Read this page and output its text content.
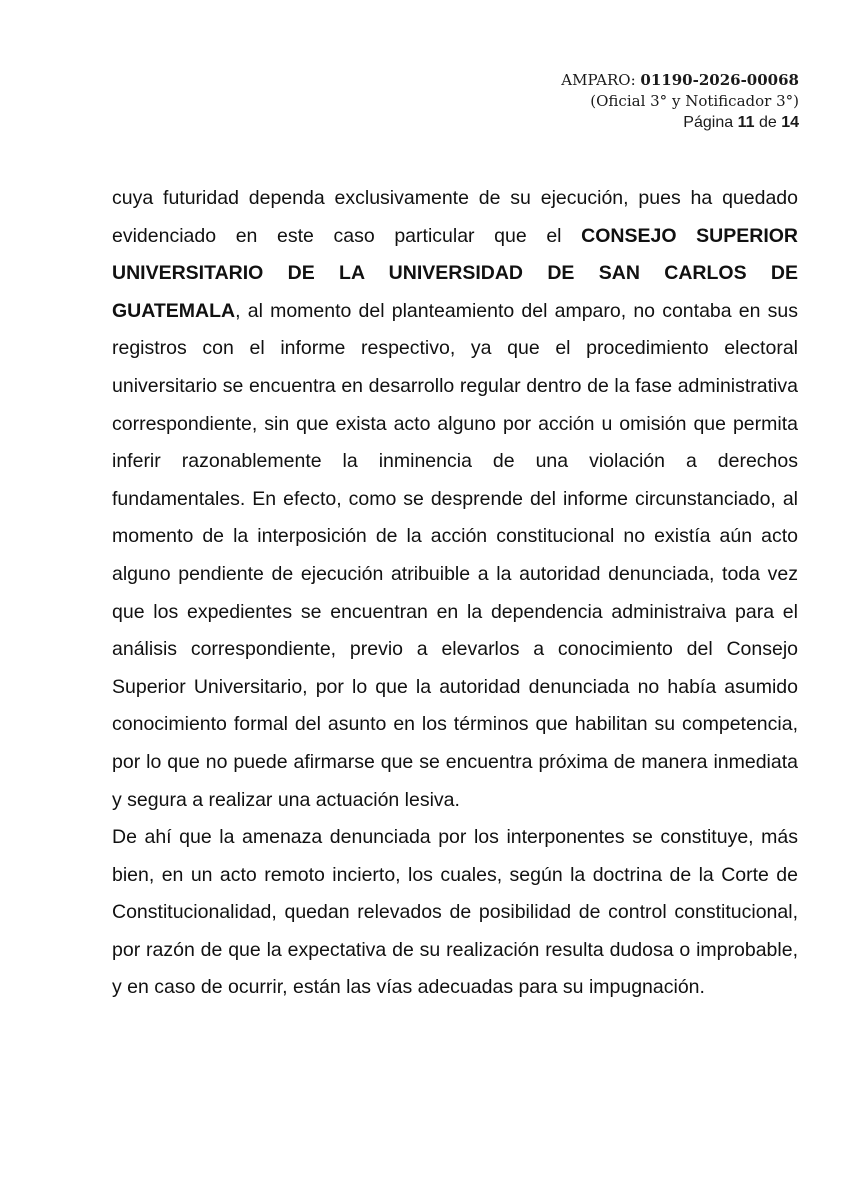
AMPARO: 01190-2026-00068
(Oficial 3° y Notificador 3°)
Página 11 de 14

cuya futuridad dependa exclusivamente de su ejecución, pues ha quedado evidenciado en este caso particular que el CONSEJO SUPERIOR UNIVERSITARIO DE LA UNIVERSIDAD DE SAN CARLOS DE GUATEMALA, al momento del planteamiento del amparo, no contaba en sus registros con el informe respectivo, ya que el procedimiento electoral universitario se encuentra en desarrollo regular dentro de la fase administrativa correspondiente, sin que exista acto alguno por acción u omisión que permita inferir razonablemente la inminencia de una violación a derechos fundamentales. En efecto, como se desprende del informe circunstanciado, al momento de la interposición de la acción constitucional no existía aún acto alguno pendiente de ejecución atribuible a la autoridad denunciada, toda vez que los expedientes se encuentran en la dependencia administraiva para el análisis correspondiente, previo a elevarlos a conocimiento del Consejo Superior Universitario, por lo que la autoridad denunciada no había asumido conocimiento formal del asunto en los términos que habilitan su competencia, por lo que no puede afirmarse que se encuentra próxima de manera inmediata y segura a realizar una actuación lesiva.

De ahí que la amenaza denunciada por los interponentes se constituye, más bien, en un acto remoto incierto, los cuales, según la doctrina de la Corte de Constitucionalidad, quedan relevados de posibilidad de control constitucional, por razón de que la expectativa de su realización resulta dudosa o improbable, y en caso de ocurrir, están las vías adecuadas para su impugnación.
